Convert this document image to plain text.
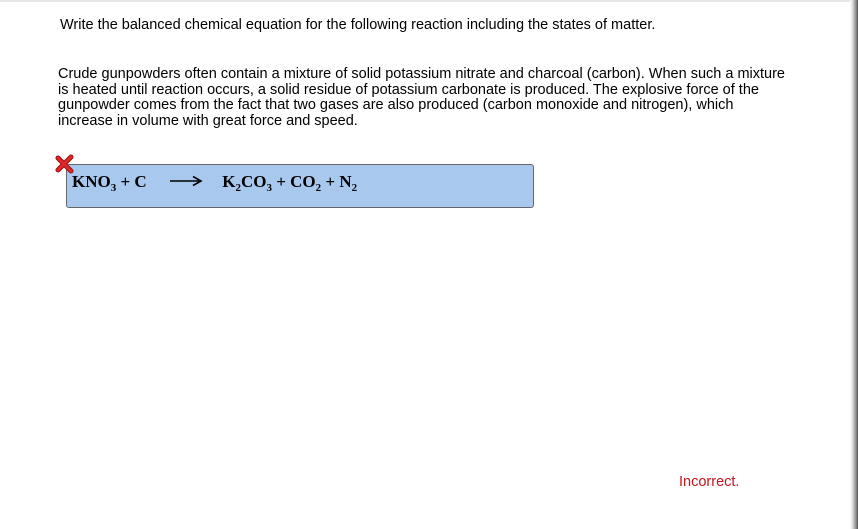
Write the balanced chemical equation for the following reaction including the states of matter.
Crude gunpowders often contain a mixture of solid potassium nitrate and charcoal (carbon). When such a mixture is heated until reaction occurs, a solid residue of potassium carbonate is produced. The explosive force of the gunpowder comes from the fact that two gases are also produced (carbon monoxide and nitrogen), which increase in volume with great force and speed.
$KNO_3 + C \to K_2CO_3 + CO_2 + N_2$
Incorrect.
